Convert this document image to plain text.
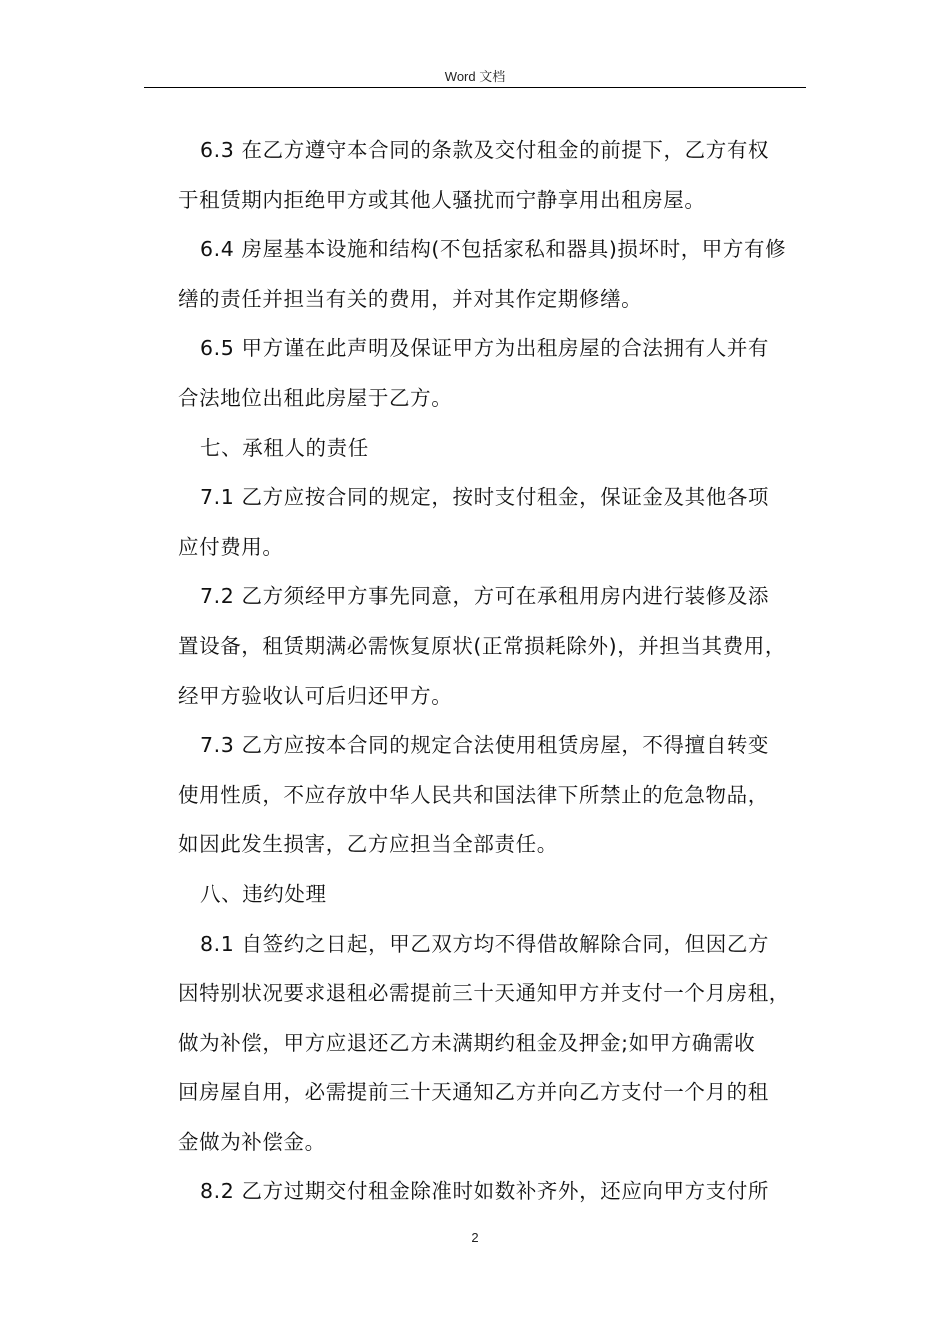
Word 文档
6.3 在乙方遵守本合同的条款及交付租金的前提下，乙方有权
于租赁期内拒绝甲方或其他人骚扰而宁静享用出租房屋。
6.4 房屋基本设施和结构(不包括家私和器具)损坏时，甲方有修
缮的责任并担当有关的费用，并对其作定期修缮。
6.5 甲方谨在此声明及保证甲方为出租房屋的合法拥有人并有
合法地位出租此房屋于乙方。
七、承租人的责任
7.1 乙方应按合同的规定，按时支付租金，保证金及其他各项
应付费用。
7.2 乙方须经甲方事先同意，方可在承租用房内进行装修及添
置设备，租赁期满必需恢复原状(正常损耗除外)，并担当其费用，
经甲方验收认可后归还甲方。
7.3 乙方应按本合同的规定合法使用租赁房屋，不得擅自转变
使用性质，不应存放中华人民共和国法律下所禁止的危急物品，
如因此发生损害，乙方应担当全部责任。
八、违约处理
8.1 自签约之日起，甲乙双方均不得借故解除合同，但因乙方
因特别状况要求退租必需提前三十天通知甲方并支付一个月房租，
做为补偿，甲方应退还乙方未满期约租金及押金;如甲方确需收
回房屋自用，必需提前三十天通知乙方并向乙方支付一个月的租
金做为补偿金。
8.2 乙方过期交付租金除准时如数补齐外，还应向甲方支付所
2
